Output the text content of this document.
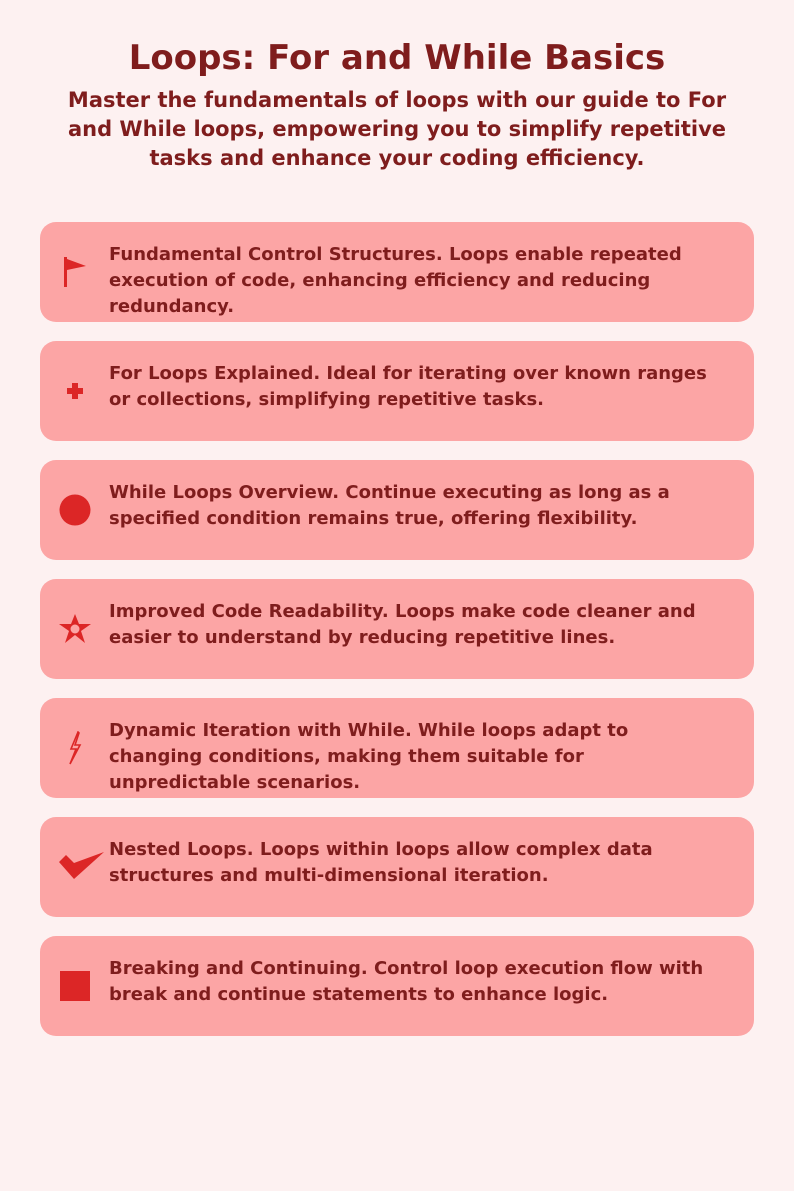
Loops: For and While Basics

Master the fundamentals of loops with our guide to For and While loops, empowering you to simplify repetitive tasks and enhance your coding efficiency.

Fundamental Control Structures. Loops enable repeated execution of code, enhancing efficiency and reducing redundancy.
For Loops Explained. Ideal for iterating over known ranges or collections, simplifying repetitive tasks.
While Loops Overview. Continue executing as long as a specified condition remains true, offering flexibility.
Improved Code Readability. Loops make code cleaner and easier to understand by reducing repetitive lines.
Dynamic Iteration with While. While loops adapt to changing conditions, making them suitable for unpredictable scenarios.
Nested Loops. Loops within loops allow complex data structures and multi-dimensional iteration.
Breaking and Continuing. Control loop execution flow with break and continue statements to enhance logic.
